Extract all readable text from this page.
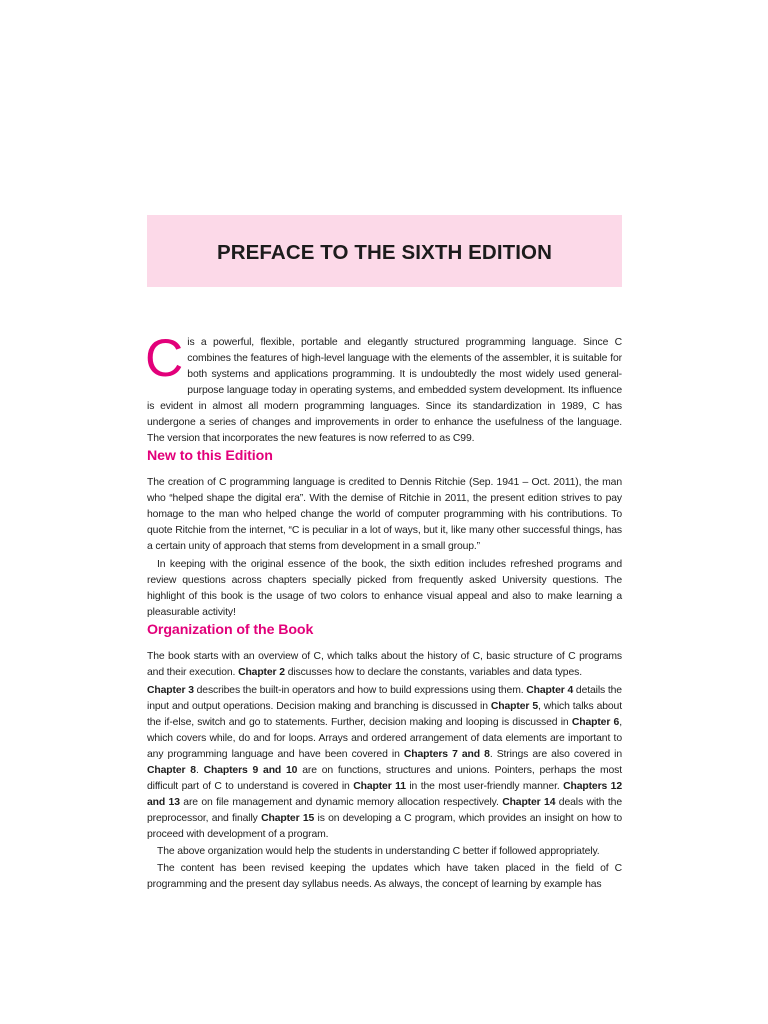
PREFACE TO THE SIXTH EDITION
C is a powerful, flexible, portable and elegantly structured programming language. Since C combines the features of high-level language with the elements of the assembler, it is suitable for both systems and applications programming. It is undoubtedly the most widely used general-purpose language today in operating systems, and embedded system development. Its influence is evident in almost all modern programming languages. Since its standardization in 1989, C has undergone a series of changes and improvements in order to enhance the usefulness of the language. The version that incorporates the new features is now referred to as C99.

New to this Edition

The creation of C programming language is credited to Dennis Ritchie (Sep. 1941 – Oct. 2011), the man who “helped shape the digital era”. With the demise of Ritchie in 2011, the present edition strives to pay homage to the man who helped change the world of computer programming with his contributions. To quote Ritchie from the internet, “C is peculiar in a lot of ways, but it, like many other successful things, has a certain unity of approach that stems from development in a small group.”

In keeping with the original essence of the book, the sixth edition includes refreshed programs and review questions across chapters specially picked from frequently asked University questions. The highlight of this book is the usage of two colors to enhance visual appeal and also to make learning a pleasurable activity!

Organization of the Book

The book starts with an overview of C, which talks about the history of C, basic structure of C programs and their execution. Chapter 2 discusses how to declare the constants, variables and data types.

Chapter 3 describes the built-in operators and how to build expressions using them. Chapter 4 details the input and output operations. Decision making and branching is discussed in Chapter 5, which talks about the if-else, switch and go to statements. Further, decision making and looping is discussed in Chapter 6, which covers while, do and for loops. Arrays and ordered arrangement of data elements are important to any programming language and have been covered in Chapters 7 and 8. Strings are also covered in Chapter 8. Chapters 9 and 10 are on functions, structures and unions. Pointers, perhaps the most difficult part of C to understand is covered in Chapter 11 in the most user-friendly manner. Chapters 12 and 13 are on file management and dynamic memory allocation respectively. Chapter 14 deals with the preprocessor, and finally Chapter 15 is on developing a C program, which provides an insight on how to proceed with development of a program.

The above organization would help the students in understanding C better if followed appropriately.

The content has been revised keeping the updates which have taken placed in the field of C programming and the present day syllabus needs. As always, the concept of learning by example has
